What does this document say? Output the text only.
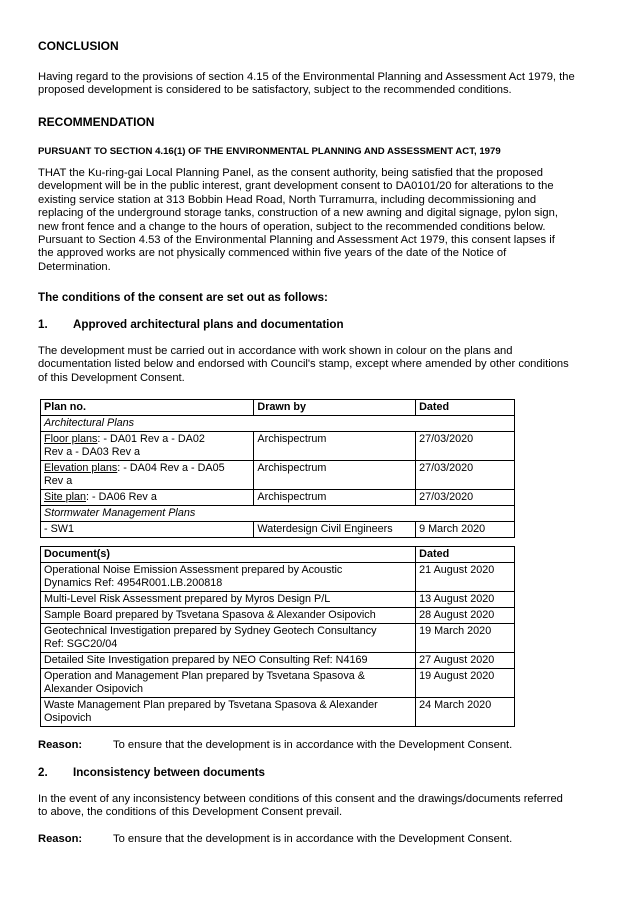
CONCLUSION
Having regard to the provisions of section 4.15 of the Environmental Planning and Assessment Act 1979, the proposed development is considered to be satisfactory, subject to the recommended conditions.
RECOMMENDATION
PURSUANT TO SECTION 4.16(1) OF THE ENVIRONMENTAL PLANNING AND ASSESSMENT ACT, 1979
THAT the Ku-ring-gai Local Planning Panel, as the consent authority, being satisfied that the proposed
development will be in the public interest, grant development consent to DA0101/20 for alterations to the
existing service station at 313 Bobbin Head Road, North Turramurra, including decommissioning and
replacing of the underground storage tanks, construction of a new awning and digital signage, pylon sign,
new front fence and a change to the hours of operation, subject to the recommended conditions below.
Pursuant to Section 4.53 of the Environmental Planning and Assessment Act 1979, this consent lapses if
the approved works are not physically commenced within five years of the date of the Notice of
Determination.
The conditions of the consent are set out as follows:
1. Approved architectural plans and documentation
The development must be carried out in accordance with work shown in colour on the plans and
documentation listed below and endorsed with Council's stamp, except where amended by other conditions
of this Development Consent.
Plan no.	Drawn by	Dated
Architectural Plans		
Floor plans: - DA01 Rev a - DA02
Rev a - DA03 Rev a	Archispectrum	27/03/2020
Elevation plans: - DA04 Rev a - DA05
Rev a	Archispectrum	27/03/2020
Site plan: - DA06 Rev a	Archispectrum	27/03/2020
Stormwater Management Plans		
- SW1	Waterdesign Civil Engineers	9 March 2020
Document(s)	Dated
Operational Noise Emission Assessment prepared by Acoustic
Dynamics Ref: 4954R001.LB.200818	21 August 2020
Multi-Level Risk Assessment prepared by Myros Design P/L	13 August 2020
Sample Board prepared by Tsvetana Spasova & Alexander Osipovich	28 August 2020
Geotechnical Investigation prepared by Sydney Geotech Consultancy
Ref: SGC20/04	19 March 2020
Detailed Site Investigation prepared by NEO Consulting Ref: N4169	27 August 2020
Operation and Management Plan prepared by Tsvetana Spasova &
Alexander Osipovich	19 August 2020
Waste Management Plan prepared by Tsvetana Spasova & Alexander
Osipovich	24 March 2020
Reason:	To ensure that the development is in accordance with the Development Consent.
2. Inconsistency between documents
In the event of any inconsistency between conditions of this consent and the drawings/documents referred
to above, the conditions of this Development Consent prevail.
Reason:	To ensure that the development is in accordance with the Development Consent.
